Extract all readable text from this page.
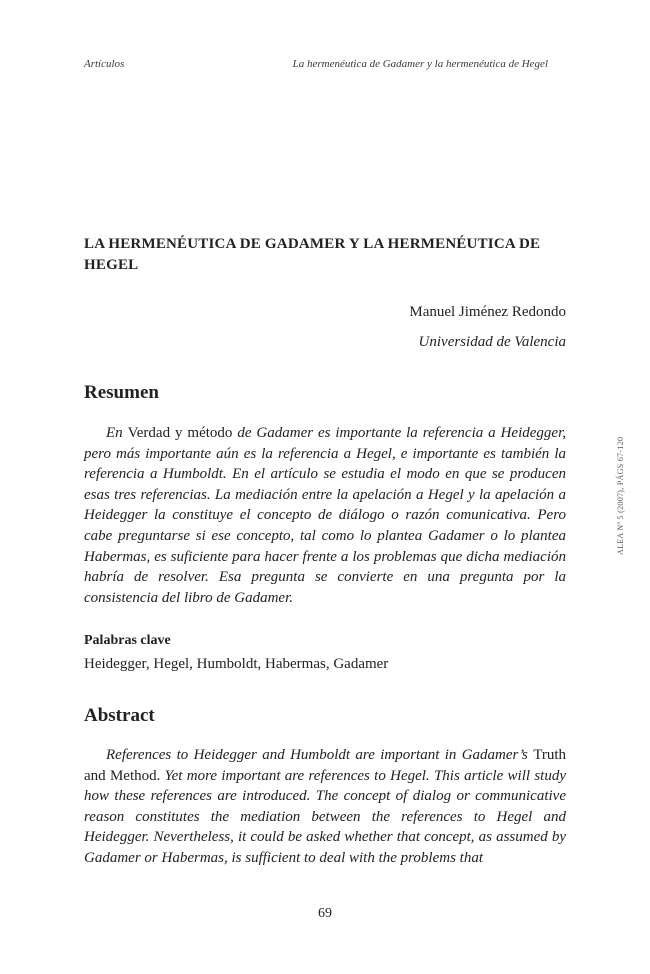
Artículos	La hermenéutica de Gadamer y la hermenéutica de Hegel
LA HERMENÉUTICA DE GADAMER Y LA HERMENÉUTICA DE HEGEL
Manuel Jiménez Redondo
Universidad de Valencia
Resumen

En Verdad y método de Gadamer es importante la referencia a Heidegger, pero más importante aún es la referencia a Hegel, e importante es también la referencia a Humboldt. En el artículo se estudia el modo en que se producen esas tres referencias. La mediación entre la apelación a Hegel y la apelación a Heidegger la constituye el concepto de diálogo o razón comunicativa. Pero cabe preguntarse si ese concepto, tal como lo plantea Gadamer o lo plantea Habermas, es suficiente para hacer frente a los problemas que dicha mediación habría de resolver. Esa pregunta se convierte en una pregunta por la consistencia del libro de Gadamer.

Palabras clave
Heidegger, Hegel, Humboldt, Habermas, Gadamer
Abstract

References to Heidegger and Humboldt are important in Gadamer’s Truth and Method. Yet more important are references to Hegel. This article will study how these references are introduced. The concept of dialog or communicative reason constitutes the mediation between the references to Hegel and Heidegger. Nevertheless, it could be asked whether that concept, as assumed by Gadamer or Habermas, is sufficient to deal with the problems that

ALEA Nº 5 (2007), PÁGS 67-120
69
